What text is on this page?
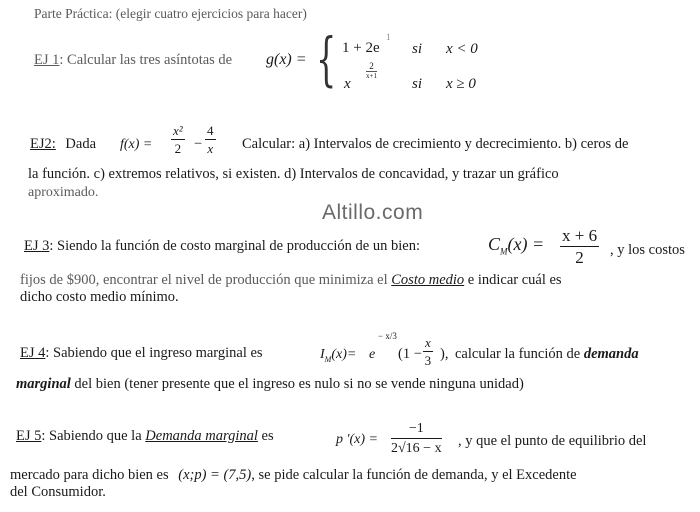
Parte Práctica: (elegir cuatro ejercicios para hacer)
EJ 1: Calcular las tres asíntotas de g(x) = { 1 + 2e
1
si x < 0
x
2
x+1 si x ≥ 0
EJ2: Dada $f(x) = \frac{\text{x²}}{2} - \frac{4}{x}$ Calcular: a) Intervalos de crecimiento y decrecimiento. b) ceros de
la función. c) extremos relativos, si existen. d) Intervalos de concavidad, y trazar un gráfico
aproximado.
Altillo.com
EJ 3: Siendo la función de costo marginal de producción de un bien:	$C_M(x) = \frac{x + 6}{2}$ , y los costos
fijos de $900, encontrar el nivel de producción que minimiza el Costo medio e indicar cuál es
dicho costo medio mínimo.
EJ 4: Sabiendo que el ingreso marginal es	$I_M(x)= e$
− x/3
($1 - \frac{x}{3}$ ), calcular la función de demanda
marginal del bien (tener presente que el ingreso es nulo si no se vende ninguna unidad)
EJ 5: Sabiendo que la Demanda marginal es	p '$(x) = \frac{-1}{2√16 - x}$ , y que el punto de equilibrio del
mercado para dicho bien es (x;p) = (7,5), se pide calcular la función de demanda, y el Excedente
del Consumidor.
